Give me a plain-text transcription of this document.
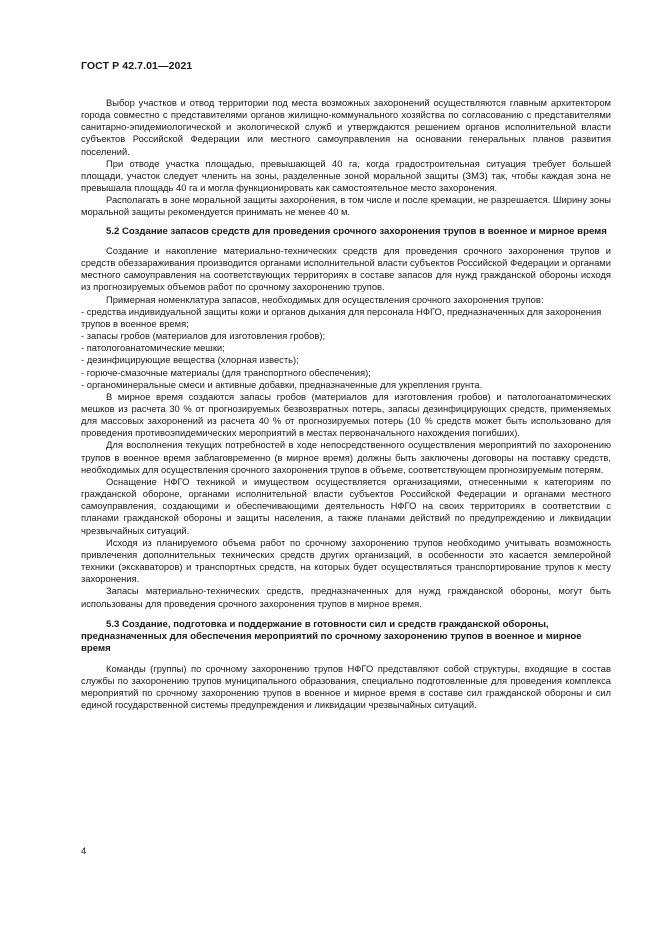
ГОСТ Р 42.7.01—2021

Выбор участков и отвод территории под места возможных захоронений осуществляются главным архитектором города совместно с представителями органов жилищно-коммунального хозяйства по согласованию с представителями санитарно-эпидемиологической и экологической служб и утверждаются решением органов исполнительной власти субъектов Российской Федерации или местного самоуправления на основании генеральных планов развития поселений.

При отводе участка площадью, превышающей 40 га, когда градостроительная ситуация требует большей площади, участок следует членить на зоны, разделенные зоной моральной защиты (ЗМЗ) так, чтобы каждая зона не превышала площадь 40 га и могла функционировать как самостоятельное место захоронения.

Располагать в зоне моральной защиты захоронения, в том числе и после кремации, не разрешается. Ширину зоны моральной защиты рекомендуется принимать не менее 40 м.

5.2 Создание запасов средств для проведения срочного захоронения трупов в военное и мирное время

Создание и накопление материально-технических средств для проведения срочного захоронения трупов и средств обеззараживания производится органами исполнительной власти субъектов Российской Федерации и органами местного самоуправления на соответствующих территориях в составе запасов для нужд гражданской обороны исходя из прогнозируемых объемов работ по срочному захоронению трупов.

Примерная номенклатура запасов, необходимых для осуществления срочного захоронения трупов:

- средства индивидуальной защиты кожи и органов дыхания для персонала НФГО, предназначенных для захоронения трупов в военное время;

- запасы гробов (материалов для изготовления гробов);

- патологоанатомические мешки;

- дезинфицирующие вещества (хлорная известь);

- горюче-смазочные материалы (для транспортного обеспечения);

- органоминеральные смеси и активные добавки, предназначенные для укрепления грунта.

В мирное время создаются запасы гробов (материалов для изготовления гробов) и патологоанатомических мешков из расчета 30 % от прогнозируемых безвозвратных потерь, запасы дезинфицирующих средств, применяемых для массовых захоронений из расчета 40 % от прогнозируемых потерь (10 % средств может быть использовано для проведения противоэпидемических мероприятий в местах первоначального нахождения погибших).

Для восполнения текущих потребностей в ходе непосредственного осуществления мероприятий по захоронению трупов в военное время заблаговременно (в мирное время) должны быть заключены договоры на поставку средств, необходимых для осуществления срочного захоронения трупов в объеме, соответствующем прогнозируемым потерям.

Оснащение НФГО техникой и имуществом осуществляется организациями, отнесенными к категориям по гражданской обороне, органами исполнительной власти субъектов Российской Федерации и органами местного самоуправления, создающими и обеспечивающими деятельность НФГО на своих территориях в соответствии с планами гражданской обороны и защиты населения, а также планами действий по предупреждению и ликвидации чрезвычайных ситуаций.

Исходя из планируемого объема работ по срочному захоронению трупов необходимо учитывать возможность привлечения дополнительных технических средств других организаций, в особенности это касается землеройной техники (экскаваторов) и транспортных средств, на которых будет осуществляться транспортирование трупов к месту захоронения.

Запасы материально-технических средств, предназначенных для нужд гражданской обороны, могут быть использованы для проведения срочного захоронения трупов в мирное время.

5.3 Создание, подготовка и поддержание в готовности сил и средств гражданской обороны, предназначенных для обеспечения мероприятий по срочному захоронению трупов в военное и мирное время

Команды (группы) по срочному захоронению трупов НФГО представляют собой структуры, входящие в состав службы по захоронению трупов муниципального образования, специально подготовленные для проведения комплекса мероприятий по срочному захоронению трупов в военное и мирное время в составе сил гражданской обороны и сил единой государственной системы предупреждения и ликвидации чрезвычайных ситуаций.

4
